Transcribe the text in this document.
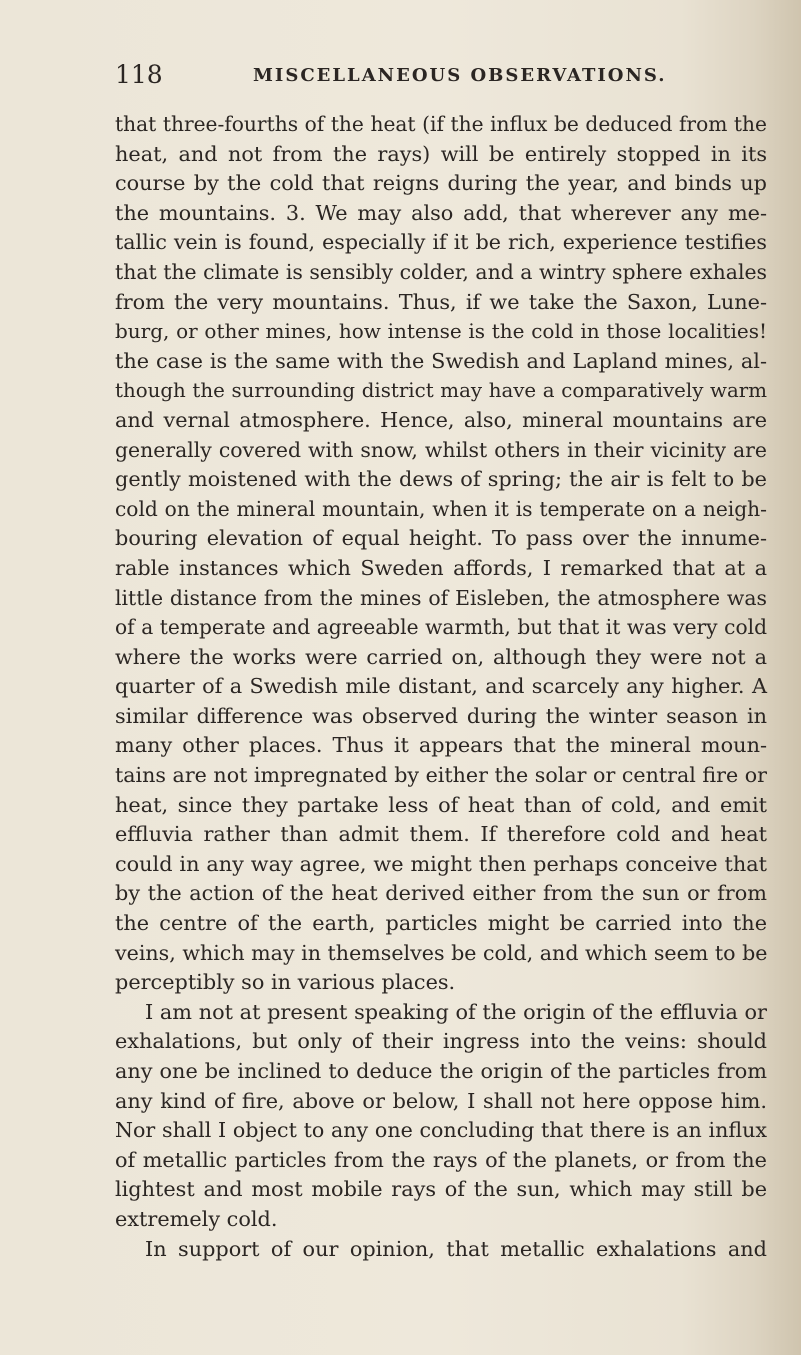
118	MISCELLANEOUS OBSERVATIONS.
that three-fourths of the heat (if the influx be deduced from the
heat, and not from the rays) will be entirely stopped in its
course by the cold that reigns during the year, and binds up
the mountains. 3. We may also add, that wherever any me-
tallic vein is found, especially if it be rich, experience testifies
that the climate is sensibly colder, and a wintry sphere exhales
from the very mountains. Thus, if we take the Saxon, Lune-
burg, or other mines, how intense is the cold in those localities!
the case is the same with the Swedish and Lapland mines, al-
though the surrounding district may have a comparatively warm
and vernal atmosphere. Hence, also, mineral mountains are
generally covered with snow, whilst others in their vicinity are
gently moistened with the dews of spring; the air is felt to be
cold on the mineral mountain, when it is temperate on a neigh-
bouring elevation of equal height. To pass over the innume-
rable instances which Sweden affords, I remarked that at a
little distance from the mines of Eisleben, the atmosphere was
of a temperate and agreeable warmth, but that it was very cold
where the works were carried on, although they were not a
quarter of a Swedish mile distant, and scarcely any higher. A
similar difference was observed during the winter season in
many other places. Thus it appears that the mineral moun-
tains are not impregnated by either the solar or central fire or
heat, since they partake less of heat than of cold, and emit
effluvia rather than admit them. If therefore cold and heat
could in any way agree, we might then perhaps conceive that
by the action of the heat derived either from the sun or from
the centre of the earth, particles might be carried into the
veins, which may in themselves be cold, and which seem to be
perceptibly so in various places.
I am not at present speaking of the origin of the effluvia or
exhalations, but only of their ingress into the veins: should
any one be inclined to deduce the origin of the particles from
any kind of fire, above or below, I shall not here oppose him.
Nor shall I object to any one concluding that there is an influx
of metallic particles from the rays of the planets, or from the
lightest and most mobile rays of the sun, which may still be
extremely cold.
In support of our opinion, that metallic exhalations and
